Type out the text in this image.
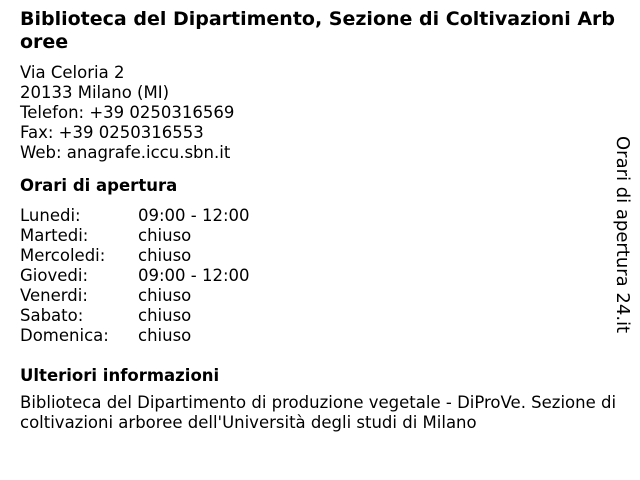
Biblioteca del Dipartimento, Sezione di Coltivazioni Arboree
Via Celoria 2
20133 Milano (MI)
Telefon: +39 0250316569
Fax: +39 0250316553
Web: anagrafe.iccu.sbn.it
Orari di apertura
Lunedi:	09:00 - 12:00
Martedi:	chiuso
Mercoledi:	chiuso
Giovedi:	09:00 - 12:00
Venerdi:	chiuso
Sabato:	chiuso
Domenica:	chiuso
Ulteriori informazioni
Biblioteca del Dipartimento di produzione vegetale - DiProVe. Sezione di coltivazioni arboree dell'Università degli studi di Milano
Orari di apertura 24.it
